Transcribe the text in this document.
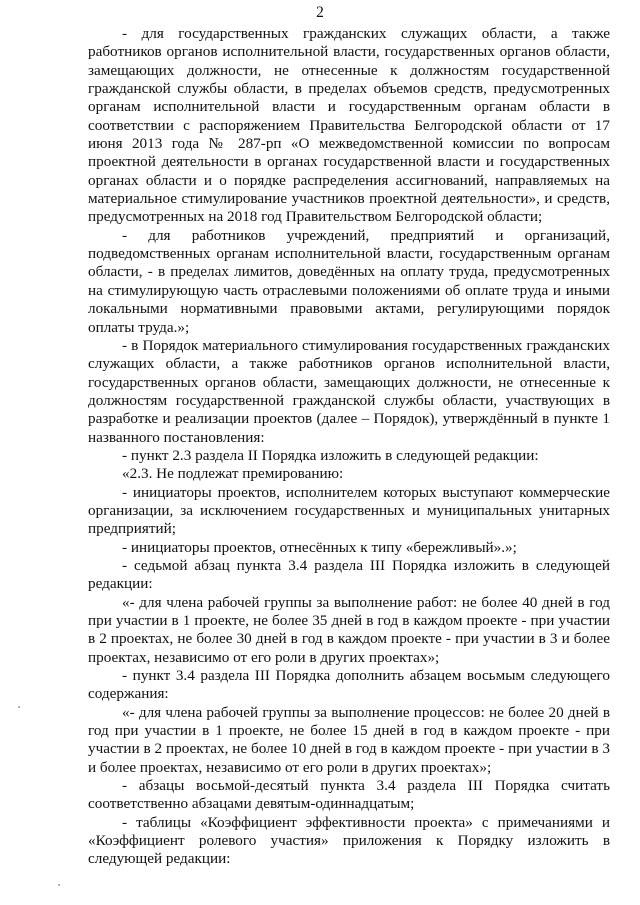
2

- для государственных гражданских служащих области, а также работников органов исполнительной власти, государственных органов области, замещающих должности, не отнесенные к должностям государственной гражданской службы области, в пределах объемов средств, предусмотренных органам исполнительной власти и государственным органам области в соответствии с распоряжением Правительства Белгородской области от 17 июня 2013 года № 287-рп «О межведомственной комиссии по вопросам проектной деятельности в органах государственной власти и государственных органах области и о порядке распределения ассигнований, направляемых на материальное стимулирование участников проектной деятельности», и средств, предусмотренных на 2018 год Правительством Белгородской области;

- для работников учреждений, предприятий и организаций, подведомственных органам исполнительной власти, государственным органам области, - в пределах лимитов, доведённых на оплату труда, предусмотренных на стимулирующую часть отраслевыми положениями об оплате труда и иными локальными нормативными правовыми актами, регулирующими порядок оплаты труда.»;

- в Порядок материального стимулирования государственных гражданских служащих области, а также работников органов исполнительной власти, государственных органов области, замещающих должности, не отнесенные к должностям государственной гражданской службы области, участвующих в разработке и реализации проектов (далее – Порядок), утверждённый в пункте 1 названного постановления:

- пункт 2.3 раздела II Порядка изложить в следующей редакции:

«2.3. Не подлежат премированию:

- инициаторы проектов, исполнителем которых выступают коммерческие организации, за исключением государственных и муниципальных унитарных предприятий;

- инициаторы проектов, отнесённых к типу «бережливый».»;

- седьмой абзац пункта 3.4 раздела III Порядка изложить в следующей редакции:

«- для члена рабочей группы за выполнение работ: не более 40 дней в год при участии в 1 проекте, не более 35 дней в год в каждом проекте - при участии в 2 проектах, не более 30 дней в год в каждом проекте - при участии в 3 и более проектах, независимо от его роли в других проектах»;

- пункт 3.4 раздела III Порядка дополнить абзацем восьмым следующего содержания:

«- для члена рабочей группы за выполнение процессов: не более 20 дней в год при участии в 1 проекте, не более 15 дней в год в каждом проекте - при участии в 2 проектах, не более 10 дней в год в каждом проекте - при участии в 3 и более проектах, независимо от его роли в других проектах»;

- абзацы восьмой-десятый пункта 3.4 раздела III Порядка считать соответственно абзацами девятым-одиннадцатым;

- таблицы «Коэффициент эффективности проекта» с примечаниями и «Коэффициент ролевого участия» приложения к Порядку изложить в следующей редакции:
